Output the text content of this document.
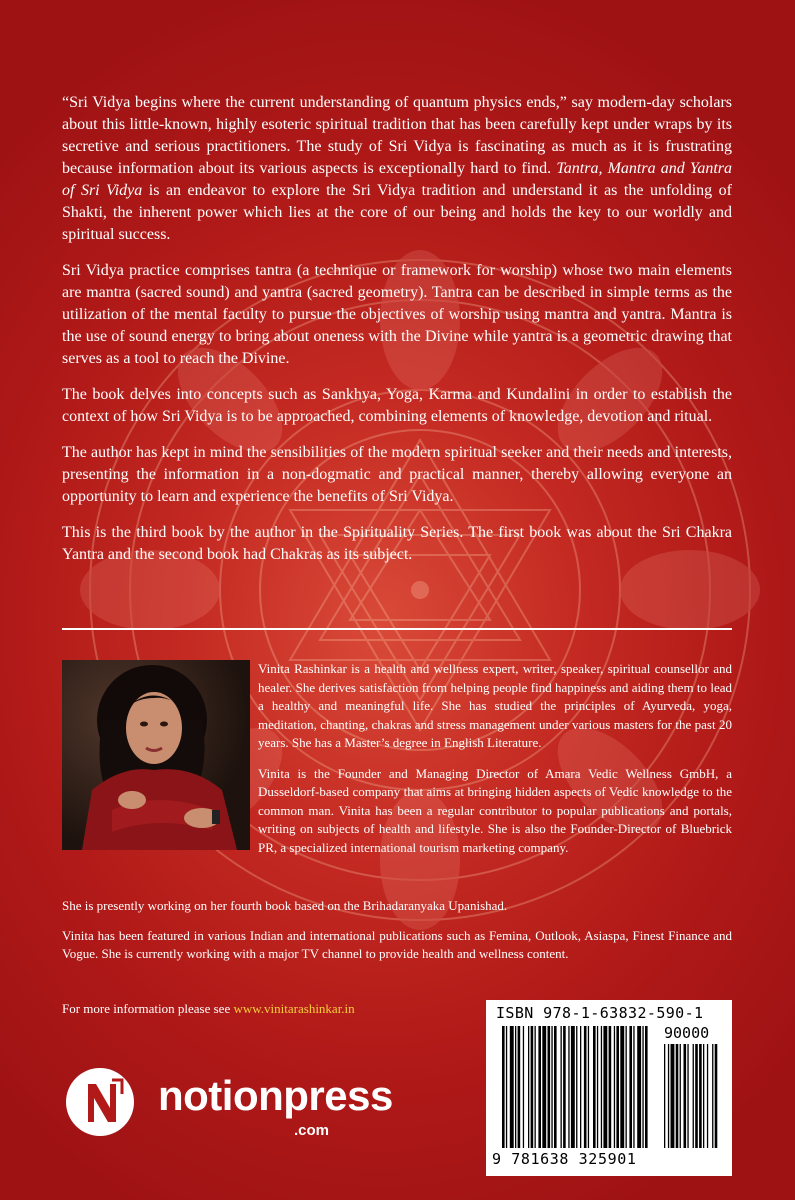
“Sri Vidya begins where the current understanding of quantum physics ends,” say modern-day scholars about this little-known, highly esoteric spiritual tradition that has been carefully kept under wraps by its secretive and serious practitioners. The study of Sri Vidya is fascinating as much as it is frustrating because information about its various aspects is exceptionally hard to find. Tantra, Mantra and Yantra of Sri Vidya is an endeavor to explore the Sri Vidya tradition and understand it as the unfolding of Shakti, the inherent power which lies at the core of our being and holds the key to our worldly and spiritual success.

Sri Vidya practice comprises tantra (a technique or framework for worship) whose two main elements are mantra (sacred sound) and yantra (sacred geometry). Tantra can be described in simple terms as the utilization of the mental faculty to pursue the objectives of worship using mantra and yantra. Mantra is the use of sound energy to bring about oneness with the Divine while yantra is a geometric drawing that serves as a tool to reach the Divine.

The book delves into concepts such as Sankhya, Yoga, Karma and Kundalini in order to establish the context of how Sri Vidya is to be approached, combining elements of knowledge, devotion and ritual.

The author has kept in mind the sensibilities of the modern spiritual seeker and their needs and interests, presenting the information in a non-dogmatic and practical manner, thereby allowing everyone an opportunity to learn and experience the benefits of Sri Vidya.

This is the third book by the author in the Spirituality Series. The first book was about the Sri Chakra Yantra and the second book had Chakras as its subject.

Vinita Rashinkar is a health and wellness expert, writer, speaker, spiritual counsellor and healer. She derives satisfaction from helping people find happiness and aiding them to lead a healthy and meaningful life. She has studied the principles of Ayurveda, yoga, meditation, chanting, chakras and stress management under various masters for the past 20 years. She has a Master’s degree in English Literature.

Vinita is the Founder and Managing Director of Amara Vedic Wellness GmbH, a Dusseldorf-based company that aims at bringing hidden aspects of Vedic knowledge to the common man. Vinita has been a regular contributor to popular publications and portals, writing on subjects of health and lifestyle. She is also the Founder-Director of Bluebrick PR, a specialized international tourism marketing company.

She is presently working on her fourth book based on the Brihadaranyaka Upanishad.

Vinita has been featured in various Indian and international publications such as Femina, Outlook, Asiaspa, Finest Finance and Vogue. She is currently working with a major TV channel to provide health and wellness content.

For more information please see www.vinitarashinkar.in
notionpress
.com
ISBN 978-1-63832-590-1
90000
9 781638 325901
